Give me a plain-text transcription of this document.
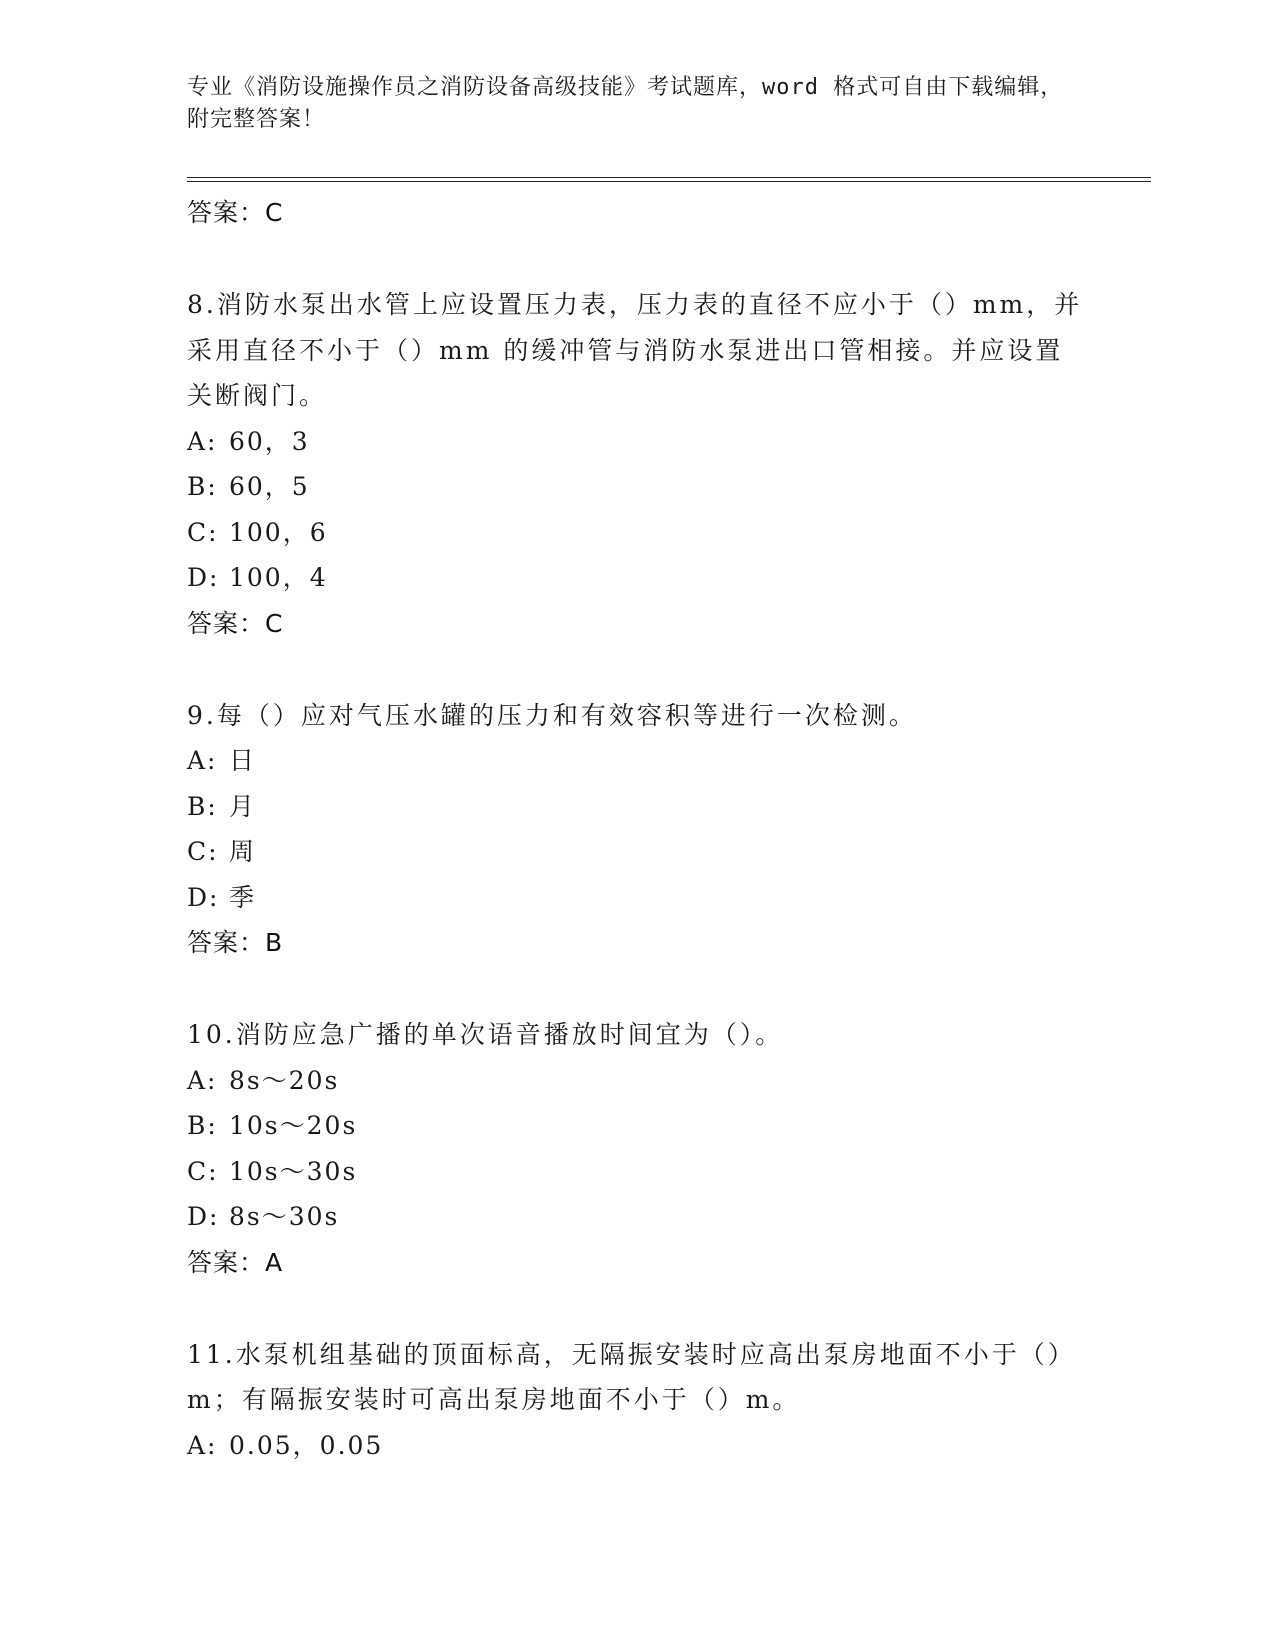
专业《消防设施操作员之消防设备高级技能》考试题库，word 格式可自由下载编辑，附完整答案！
答案：C
8.消防水泵出水管上应设置压力表，压力表的直径不应小于（）mm，并采用直径不小于（）mm 的缓冲管与消防水泵进出口管相接。并应设置关断阀门。
A: 60，3
B: 60，5
C: 100，6
D: 100，4
答案：C
9.每（）应对气压水罐的压力和有效容积等进行一次检测。
A: 日
B: 月
C: 周
D: 季
答案：B
10.消防应急广播的单次语音播放时间宜为（）。
A: 8s～20s
B: 10s～20s
C: 10s～30s
D: 8s～30s
答案：A
11.水泵机组基础的顶面标高，无隔振安装时应高出泵房地面不小于（）m；有隔振安装时可高出泵房地面不小于（）m。
A: 0.05，0.05
